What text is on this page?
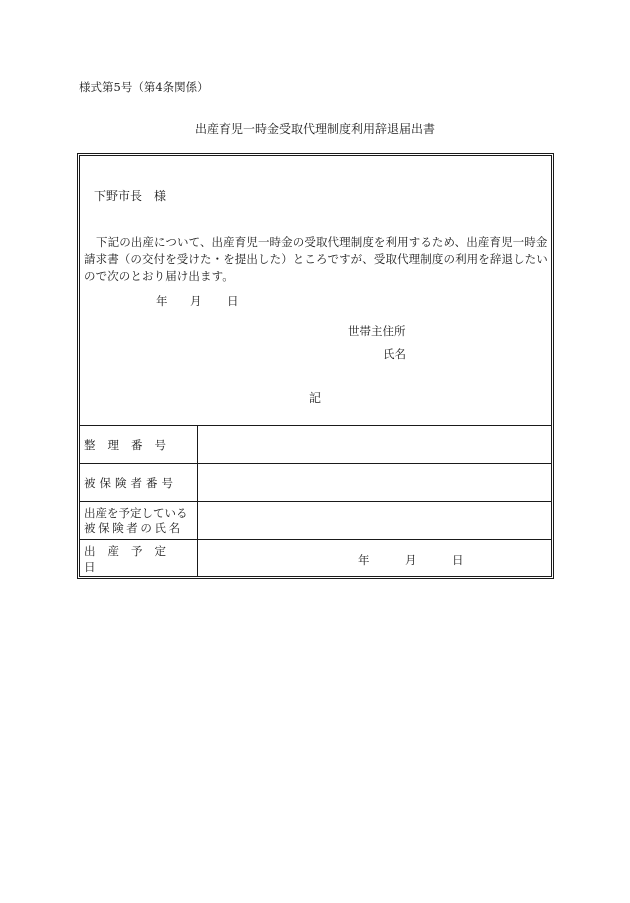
様式第5号（第4条関係）
出産育児一時金受取代理制度利用辞退届出書
下野市長　様
下記の出産について、出産育児一時金の受取代理制度を利用するため、出産育児一時金請求書（の交付を受けた・を提出した）ところですが、受取代理制度の利用を辞退したいので次のとおり届け出ます。
年 月 日
世帯主住所
氏名
記
整理番号
被保険者番号
出産を予定している
被保険者の氏名
出産予定日	年	月	日
